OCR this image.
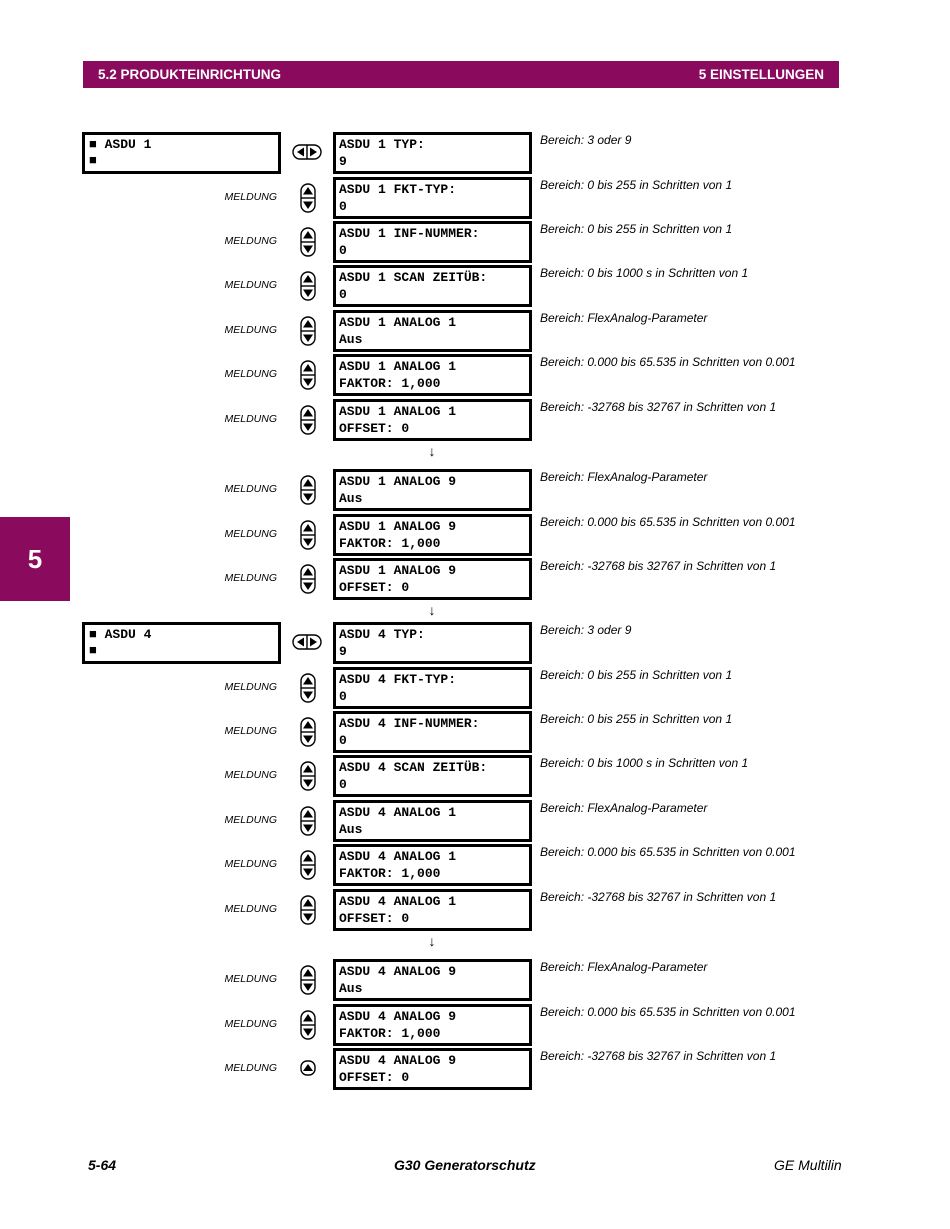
5.2 PRODUKTEINRICHTUNG	5 EINSTELLUNGEN
5
■ ASDU 1
■
ASDU 1 TYP:
9
Bereich: 3 oder 9
MELDUNG	ASDU 1 FKT-TYP:
0
Bereich: 0 bis 255 in Schritten von 1
MELDUNG	ASDU 1 INF-NUMMER:
0
Bereich: 0 bis 255 in Schritten von 1
MELDUNG	ASDU 1 SCAN ZEITÜB:
0
Bereich: 0 bis 1000 s in Schritten von 1
MELDUNG	ASDU 1 ANALOG 1
Aus
Bereich: FlexAnalog-Parameter
MELDUNG	ASDU 1 ANALOG 1
FAKTOR: 1,000
Bereich: 0.000 bis 65.535 in Schritten von 0.001
MELDUNG	ASDU 1 ANALOG 1
OFFSET: 0
Bereich: -32768 bis 32767 in Schritten von 1
MELDUNG	ASDU 1 ANALOG 9
Aus
Bereich: FlexAnalog-Parameter
MELDUNG	ASDU 1 ANALOG 9
FAKTOR: 1,000
Bereich: 0.000 bis 65.535 in Schritten von 0.001
MELDUNG	ASDU 1 ANALOG 9
OFFSET: 0
Bereich: -32768 bis 32767 in Schritten von 1
↓
↓
■ ASDU 4
■
ASDU 4 TYP:
9
Bereich: 3 oder 9
MELDUNG	ASDU 4 FKT-TYP:
0
Bereich: 0 bis 255 in Schritten von 1
MELDUNG	ASDU 4 INF-NUMMER:
0
Bereich: 0 bis 255 in Schritten von 1
MELDUNG	ASDU 4 SCAN ZEITÜB:
0
Bereich: 0 bis 1000 s in Schritten von 1
MELDUNG	ASDU 4 ANALOG 1
Aus
Bereich: FlexAnalog-Parameter
MELDUNG	ASDU 4 ANALOG 1
FAKTOR: 1,000
Bereich: 0.000 bis 65.535 in Schritten von 0.001
MELDUNG	ASDU 4 ANALOG 1
OFFSET: 0
Bereich: -32768 bis 32767 in Schritten von 1
MELDUNG	ASDU 4 ANALOG 9
Aus
Bereich: FlexAnalog-Parameter
MELDUNG	ASDU 4 ANALOG 9
FAKTOR: 1,000
Bereich: 0.000 bis 65.535 in Schritten von 0.001
MELDUNG	ASDU 4 ANALOG 9
OFFSET: 0
Bereich: -32768 bis 32767 in Schritten von 1
↓
5-64	G30 Generatorschutz	GE Multilin
